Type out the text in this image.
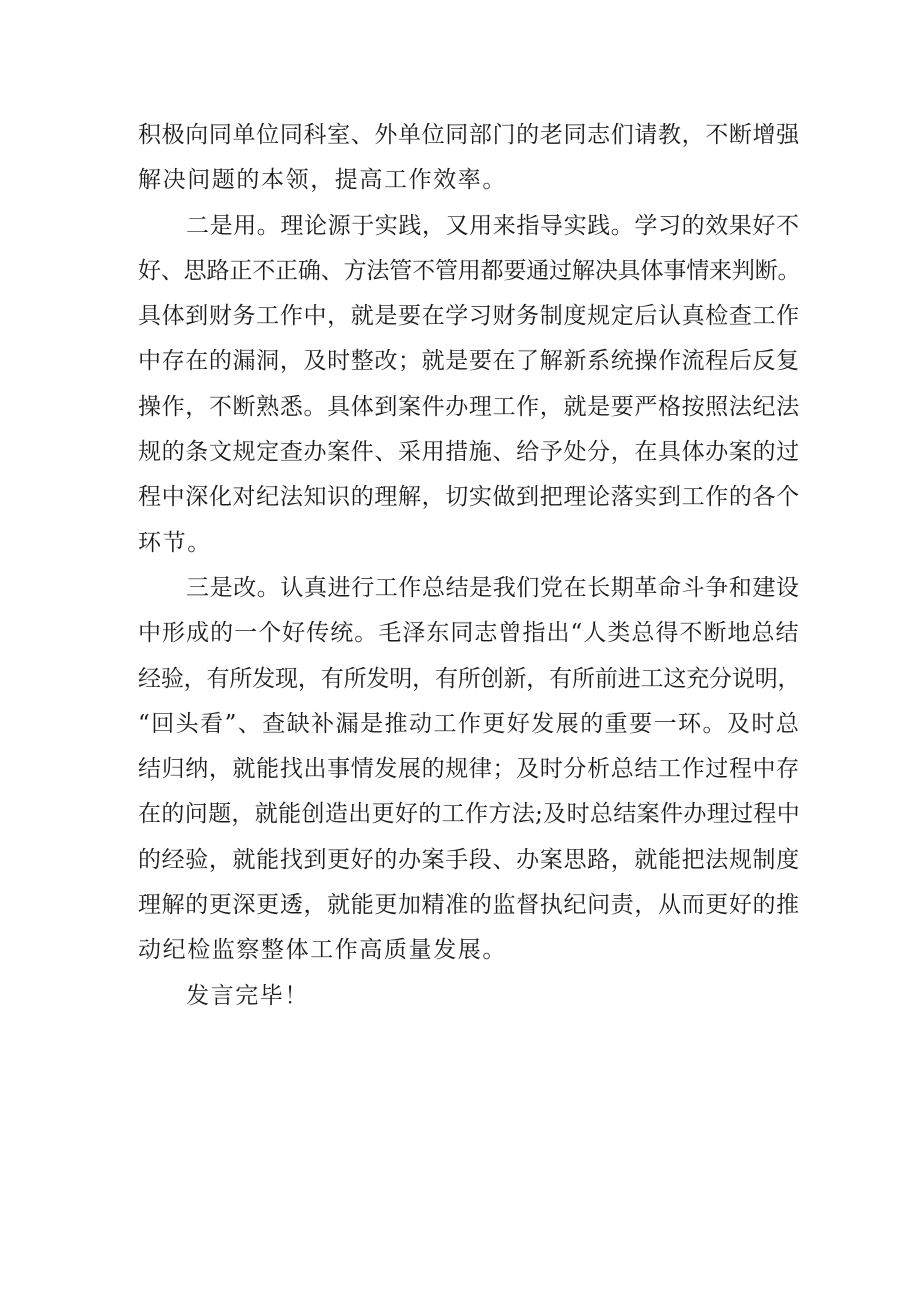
积极向同单位同科室、外单位同部门的老同志们请教，不断增强
解决问题的本领，提高工作效率。
二是用。理论源于实践，又用来指导实践。学习的效果好不
好、思路正不正确、方法管不管用都要通过解决具体事情来判断。
具体到财务工作中，就是要在学习财务制度规定后认真检查工作
中存在的漏洞，及时整改；就是要在了解新系统操作流程后反复
操作，不断熟悉。具体到案件办理工作，就是要严格按照法纪法
规的条文规定查办案件、采用措施、给予处分，在具体办案的过
程中深化对纪法知识的理解，切实做到把理论落实到工作的各个
环节。
三是改。认真进行工作总结是我们党在长期革命斗争和建设
中形成的一个好传统。毛泽东同志曾指出“人类总得不断地总结
经验，有所发现，有所发明，有所创新，有所前进工这充分说明，
“回头看”、查缺补漏是推动工作更好发展的重要一环。及时总
结归纳，就能找出事情发展的规律；及时分析总结工作过程中存
在的问题，就能创造出更好的工作方法;及时总结案件办理过程中
的经验，就能找到更好的办案手段、办案思路，就能把法规制度
理解的更深更透，就能更加精准的监督执纪问责，从而更好的推
动纪检监察整体工作高质量发展。
发言完毕！
